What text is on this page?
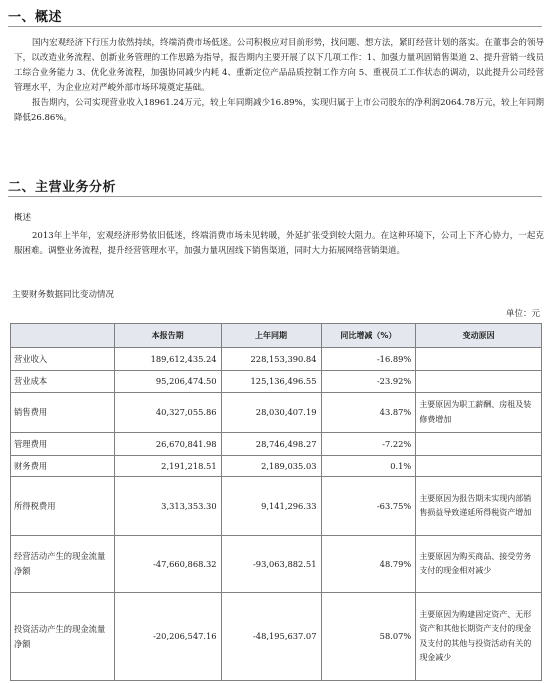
一、概述
国内宏观经济下行压力依然持续，终端消费市场低迷。公司积极应对目前形势，找问题、想方法，紧盯经营计划的落实。在董事会的领导下，以改造业务流程、创新业务管理的工作思路为指导，报告期内主要开展了以下几项工作：1、加强力量巩固销售渠道 2、提升营销一线员工综合业务能力 3、优化业务流程，加强协同减少内耗 4、重新定位产品品质控制工作方向 5、重视员工工作状态的调动，以此提升公司经营管理水平，为企业应对严峻外部市场环境奠定基础。
报告期内，公司实现营业收入18961.24万元，较上年同期减少16.89%，实现归属于上市公司股东的净利润2064.78万元，较上年同期降低26.86%。
二、主营业务分析
概述
2013年上半年，宏观经济形势依旧低迷，终端消费市场未见转暖，外延扩张受到较大阻力。在这种环境下，公司上下齐心协力，一起克服困难。调整业务流程，提升经营管理水平，加强力量巩固线下销售渠道，同时大力拓展网络营销渠道。
主要财务数据同比变动情况
单位：元
	本报告期	上年同期	同比增减（%）	变动原因
营业收入	189,612,435.24	228,153,390.84	-16.89%	
营业成本	95,206,474.50	125,136,496.55	-23.92%	
销售费用	40,327,055.86	28,030,407.19	43.87%	主要原因为职工薪酬、房租及装修费增加
管理费用	26,670,841.98	28,746,498.27	-7.22%	
财务费用	2,191,218.51	2,189,035.03	0.1%	
所得税费用	3,313,353.30	9,141,296.33	-63.75%	主要原因为报告期未实现内部销售损益导致递延所得税资产增加
经营活动产生的现金流量净额	-47,660,868.32	-93,063,882.51	48.79%	主要原因为购买商品、接受劳务支付的现金相对减少
投资活动产生的现金流量净额	-20,206,547.16	-48,195,637.07	58.07%	主要原因为购建固定资产、无形资产和其他长期资产支付的现金及支付的其他与投资活动有关的现金减少
